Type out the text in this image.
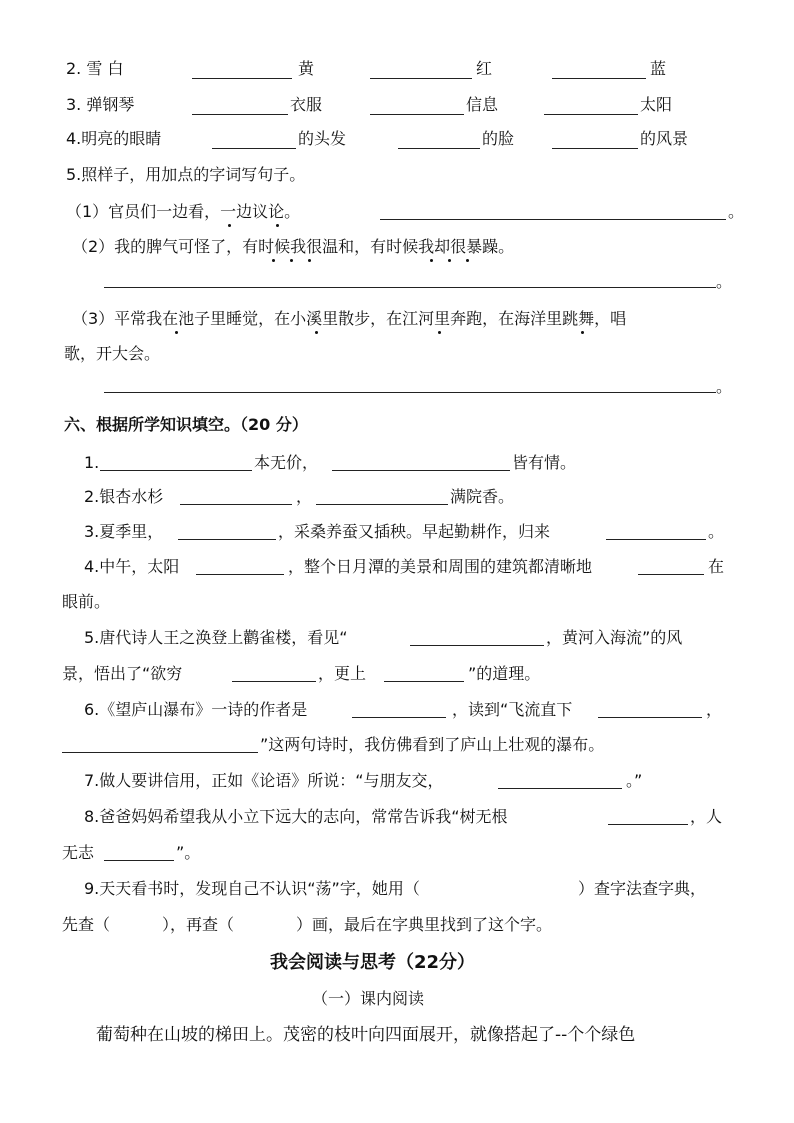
2. 雪 白	黄	红	蓝
3. 弹钢琴	衣服	信息	太阳
4.明亮的眼睛	的头发	的脸	的风景
5.照样子，用加点的字词写句子。
（1）官员们一边看，一边议论。	。
（2）我的脾气可怪了，有时候我很温和，有时候我却很暴躁。
。
（3）平常我在池子里睡觉，在小溪里散步，在江河里奔跑，在海洋里跳舞，唱
歌，开大会。
。
六、根据所学知识填空。（20 分）
1.	本无价，	皆有情。
2.银杏水杉	，	满院香。
3.夏季里，	，采桑养蚕又插秧。早起勤耕作，归来	。
4.中午，太阳	，整个日月潭的美景和周围的建筑都清晰地	在
眼前。
5.唐代诗人王之涣登上鹳雀楼，看见“	，黄河入海流”的风
景，悟出了“欲穷	，更上	”的道理。
6.《望庐山瀑布》一诗的作者是	，读到“飞流直下	，
”这两句诗时，我仿佛看到了庐山上壮观的瀑布。
7.做人要讲信用，正如《论语》所说：“与朋友交，	。”
8.爸爸妈妈希望我从小立下远大的志向，常常告诉我“树无根	，人
无志	”。
9.天天看书时，发现自己不认识“荡”字，她用（	）查字法查字典，
先查（	），再查（	）画，最后在字典里找到了这个字。
我会阅读与思考（22分）
（一）课内阅读
葡萄种在山坡的梯田上。茂密的枝叶向四面展开，就像搭起了--个个绿色
